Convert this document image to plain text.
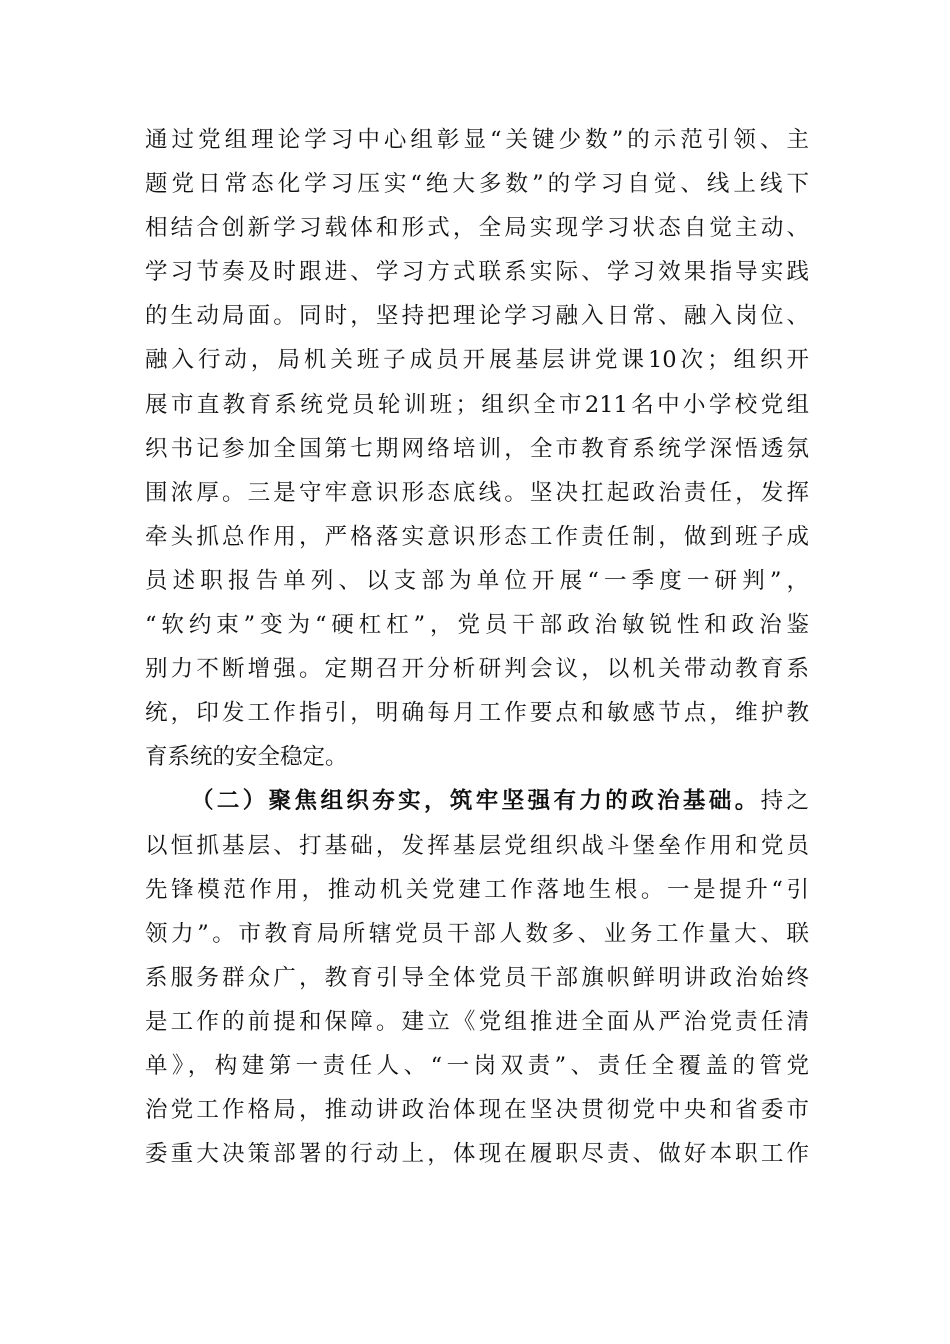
通过党组理论学习中心组彰显“关键少数”的示范引领、主
题党日常态化学习压实“绝大多数”的学习自觉、线上线下
相结合创新学习载体和形式，全局实现学习状态自觉主动、
学习节奏及时跟进、学习方式联系实际、学习效果指导实践
的生动局面。同时，坚持把理论学习融入日常、融入岗位、
融入行动，局机关班子成员开展基层讲党课10次；组织开
展市直教育系统党员轮训班；组织全市211名中小学校党组
织书记参加全国第七期网络培训，全市教育系统学深悟透氛
围浓厚。三是守牢意识形态底线。坚决扛起政治责任，发挥
牵头抓总作用，严格落实意识形态工作责任制，做到班子成
员述职报告单列、以支部为单位开展“一季度一研判”，
“软约束”变为“硬杠杠”，党员干部政治敏锐性和政治鉴
别力不断增强。定期召开分析研判会议，以机关带动教育系
统，印发工作指引，明确每月工作要点和敏感节点，维护教
育系统的安全稳定。
（二）聚焦组织夯实，筑牢坚强有力的政治基础。持之
以恒抓基层、打基础，发挥基层党组织战斗堡垒作用和党员
先锋模范作用，推动机关党建工作落地生根。一是提升“引
领力”。市教育局所辖党员干部人数多、业务工作量大、联
系服务群众广，教育引导全体党员干部旗帜鲜明讲政治始终
是工作的前提和保障。建立《党组推进全面从严治党责任清
单》，构建第一责任人、“一岗双责”、责任全覆盖的管党
治党工作格局，推动讲政治体现在坚决贯彻党中央和省委市
委重大决策部署的行动上，体现在履职尽责、做好本职工作
